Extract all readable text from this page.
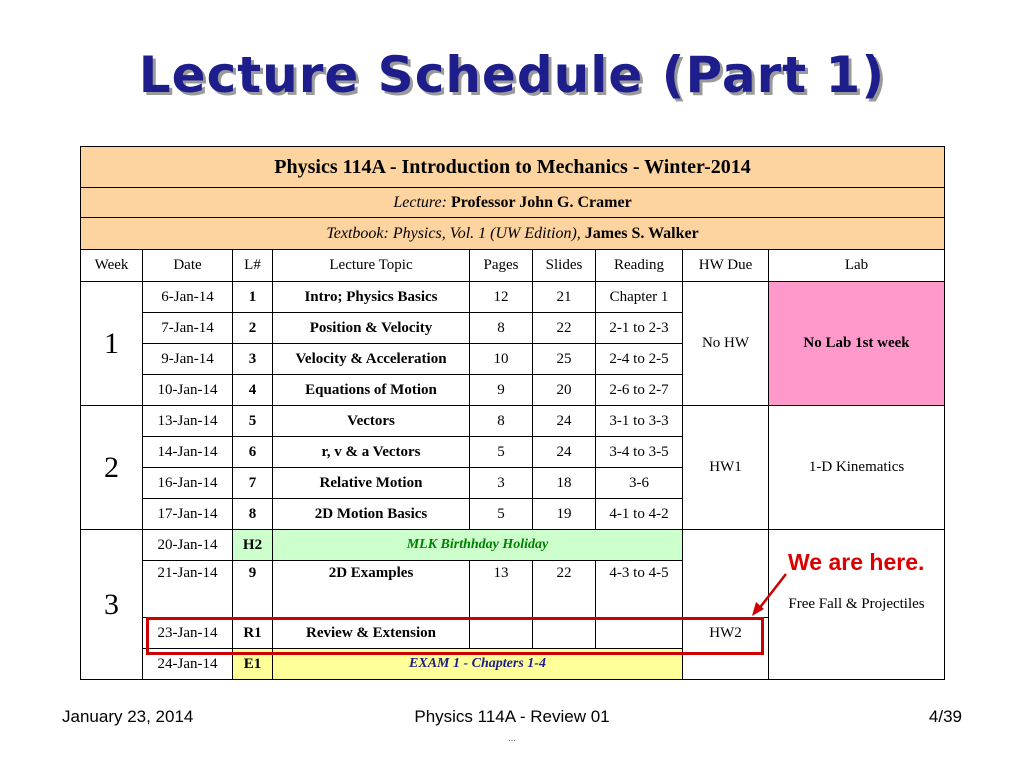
Lecture Schedule (Part 1)
Physics 114A - Introduction to Mechanics - Winter-2014								
Lecture: Professor John G. Cramer								
Textbook: Physics, Vol. 1 (UW Edition), James S. Walker								
Week	Date	L#	Lecture Topic	Pages	Slides	Reading	HW Due	Lab
1	6-Jan-14	1	Intro; Physics Basics	12	21	Chapter 1	No HW	No Lab 1st week
	7-Jan-14	2	Position & Velocity	8	22	2-1 to 2-3		
	9-Jan-14	3	Velocity & Acceleration	10	25	2-4 to 2-5		
	10-Jan-14	4	Equations of Motion	9	20	2-6 to 2-7		
2	13-Jan-14	5	Vectors	8	24	3-1 to 3-3	HW1	1-D Kinematics
	14-Jan-14	6	r, v & a Vectors	5	24	3-4 to 3-5		
	16-Jan-14	7	Relative Motion	3	18	3-6		
	17-Jan-14	8	2D Motion Basics	5	19	4-1 to 4-2		
3	20-Jan-14	H2	MLK Birthhday Holiday					Free Fall & Projectiles
	21-Jan-14	9	2D Examples	13	22	4-3 to 4-5		
	23-Jan-14	R1	Review & Extension				HW2	
	24-Jan-14	E1	EXAM 1 - Chapters 1-4					
We are here.
January 23, 2014	Physics 114A - Review 01	4/39
...
